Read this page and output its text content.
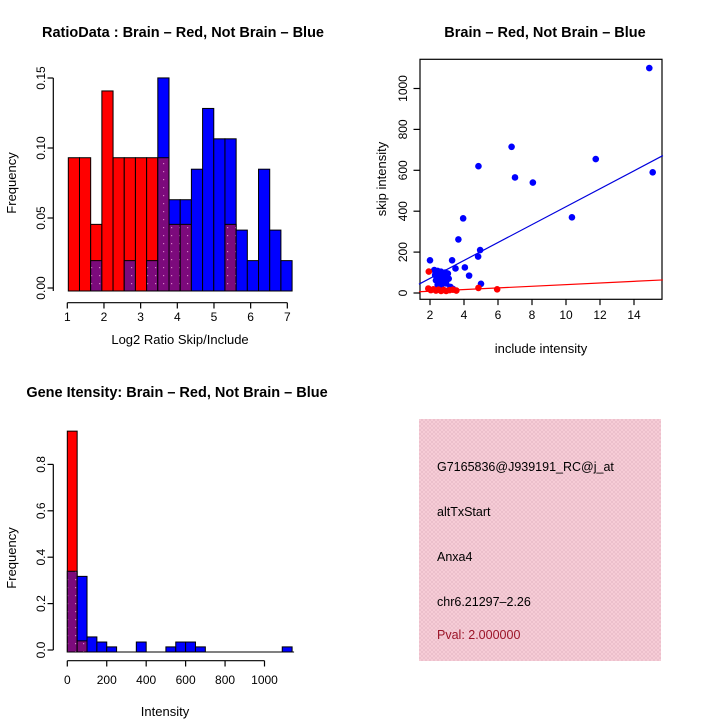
RatioData : Brain – Red, Not Brain – Blue	Brain – Red, Not Brain – Blue
Gene Itensity: Brain – Red, Not Brain – Blue
Log2 Ratio Skip/Include
Frequency
include intensity
skip intensity
Intensity
Frequency
0.00
0.05
0.10
0.15
1 2 3 4 5 6 7	2 4 6 8 10 12 14
0
200
400
600
800
1000
0.0
0.2
0.4
0.6
0.8
0 200 400 600 800 1000
G7165836@J939191_RC@j_at
altTxStart
Anxa4
chr6.21297–2.26
Pval: 2.000000
